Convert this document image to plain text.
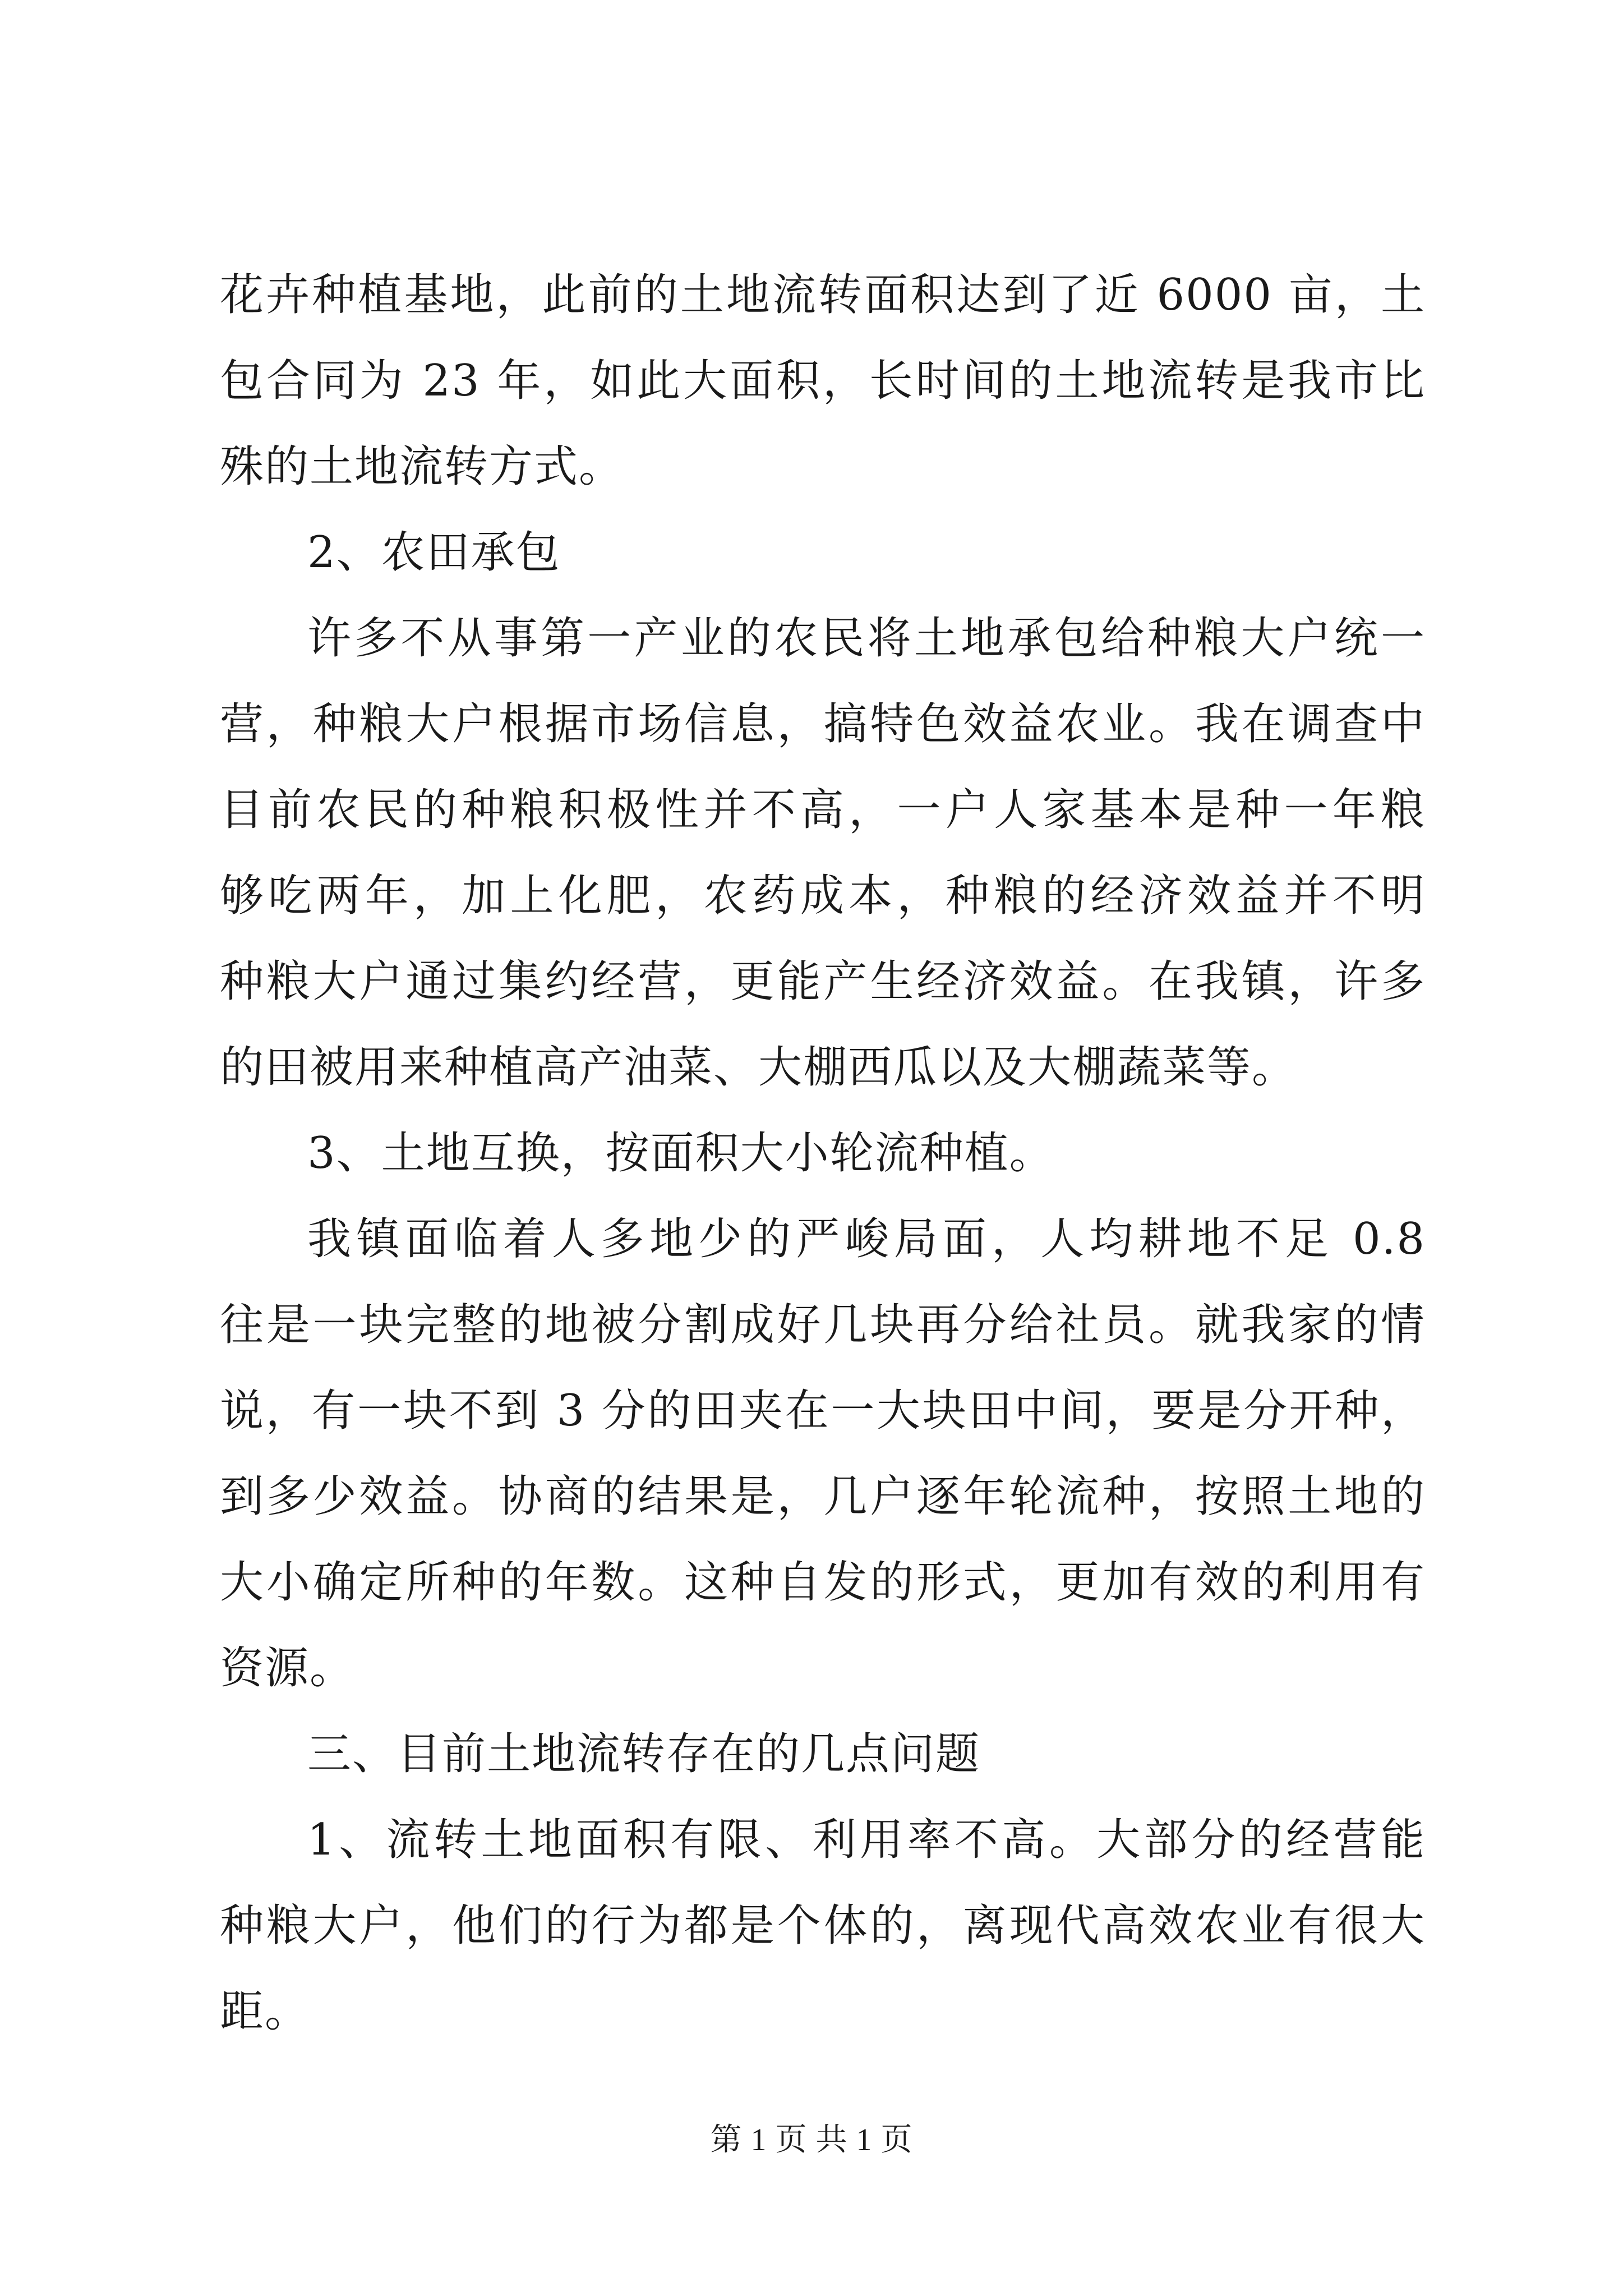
花卉种植基地，此前的土地流转面积达到了近 6000 亩，土
包合同为 23 年，如此大面积，长时间的土地流转是我市比
殊的土地流转方式。
2、农田承包
许多不从事第一产业的农民将土地承包给种粮大户统一
营，种粮大户根据市场信息，搞特色效益农业。我在调查中
目前农民的种粮积极性并不高，一户人家基本是种一年粮
够吃两年，加上化肥，农药成本，种粮的经济效益并不明
种粮大户通过集约经营，更能产生经济效益。在我镇，许多
的田被用来种植高产油菜、大棚西瓜以及大棚蔬菜等。
3、土地互换，按面积大小轮流种植。
我镇面临着人多地少的严峻局面，人均耕地不足 0.8
往是一块完整的地被分割成好几块再分给社员。就我家的情
说，有一块不到 3 分的田夹在一大块田中间，要是分开种，
到多少效益。协商的结果是，几户逐年轮流种，按照土地的
大小确定所种的年数。这种自发的形式，更加有效的利用有
资源。
三、目前土地流转存在的几点问题
1、流转土地面积有限、利用率不高。大部分的经营能
种粮大户，他们的行为都是个体的，离现代高效农业有很大
距。
第 1 页 共 1 页
